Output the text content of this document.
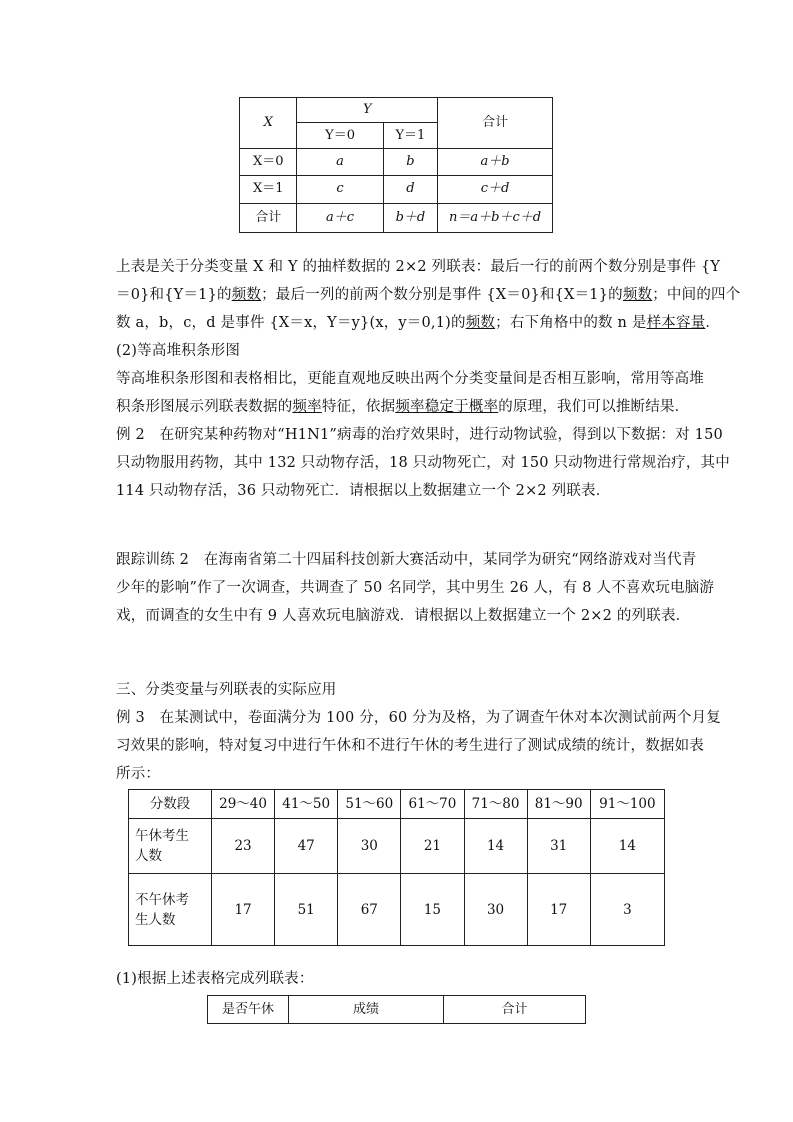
X	Y		合计
	Y＝0	Y＝1	
X＝0	a	b	a＋b
X＝1	c	d	c＋d
合计	a＋c	b＋d	n＝a＋b＋c＋d
上表是关于分类变量 X 和 Y 的抽样数据的 2×2 列联表：最后一行的前两个数分别是事件 {Y
＝0}和{Y＝1}的频数；最后一列的前两个数分别是事件 {X＝0}和{X＝1}的频数；中间的四个
数 a，b，c，d 是事件 {X＝x，Y＝y}(x，y＝0,1)的频数；右下角格中的数 n 是样本容量．
(2)等高堆积条形图
等高堆积条形图和表格相比，更能直观地反映出两个分类变量间是否相互影响，常用等高堆
积条形图展示列联表数据的频率特征，依据频率稳定于概率的原理，我们可以推断结果．
例 2　在研究某种药物对“H1N1”病毒的治疗效果时，进行动物试验，得到以下数据：对 150
只动物服用药物，其中 132 只动物存活，18 只动物死亡，对 150 只动物进行常规治疗，其中
114 只动物存活，36 只动物死亡．请根据以上数据建立一个 2×2 列联表．
跟踪训练 2　在海南省第二十四届科技创新大赛活动中，某同学为研究“网络游戏对当代青
少年的影响”作了一次调查，共调查了 50 名同学，其中男生 26 人，有 8 人不喜欢玩电脑游
戏，而调查的女生中有 9 人喜欢玩电脑游戏．请根据以上数据建立一个 2×2 的列联表．
三、分类变量与列联表的实际应用
例 3　在某测试中，卷面满分为 100 分，60 分为及格，为了调查午休对本次测试前两个月复
习效果的影响，特对复习中进行午休和不进行午休的考生进行了测试成绩的统计，数据如表
所示：
分数段	29～40	41～50	51～60	61～70	71～80	81～90	91～100

午休考生
人数	23	47	30	21	14	31	14

不午休考
生人数	17	51	67	15	30	17	3
(1)根据上述表格完成列联表：
是否午休	成绩	合计
